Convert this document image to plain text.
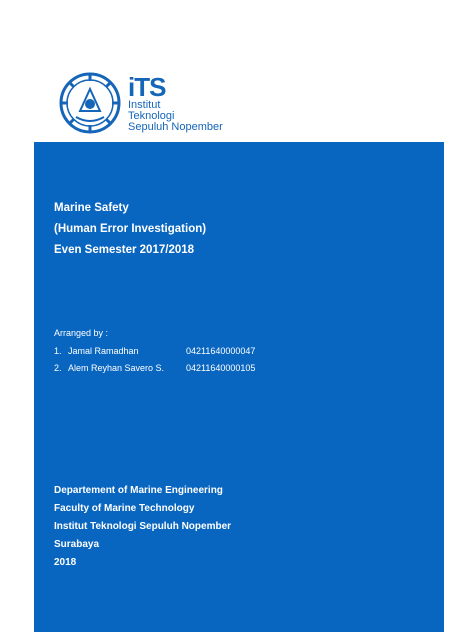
iTS
Institut
Teknologi
Sepuluh Nopember
Marine Safety
(Human Error Investigation)
Even Semester 2017/2018
Arranged by :
1. Jamal Ramadhan	04211640000047
2. Alem Reyhan Savero S.	04211640000105
Departement of Marine Engineering
Faculty of Marine Technology
Institut Teknologi Sepuluh Nopember
Surabaya
2018
